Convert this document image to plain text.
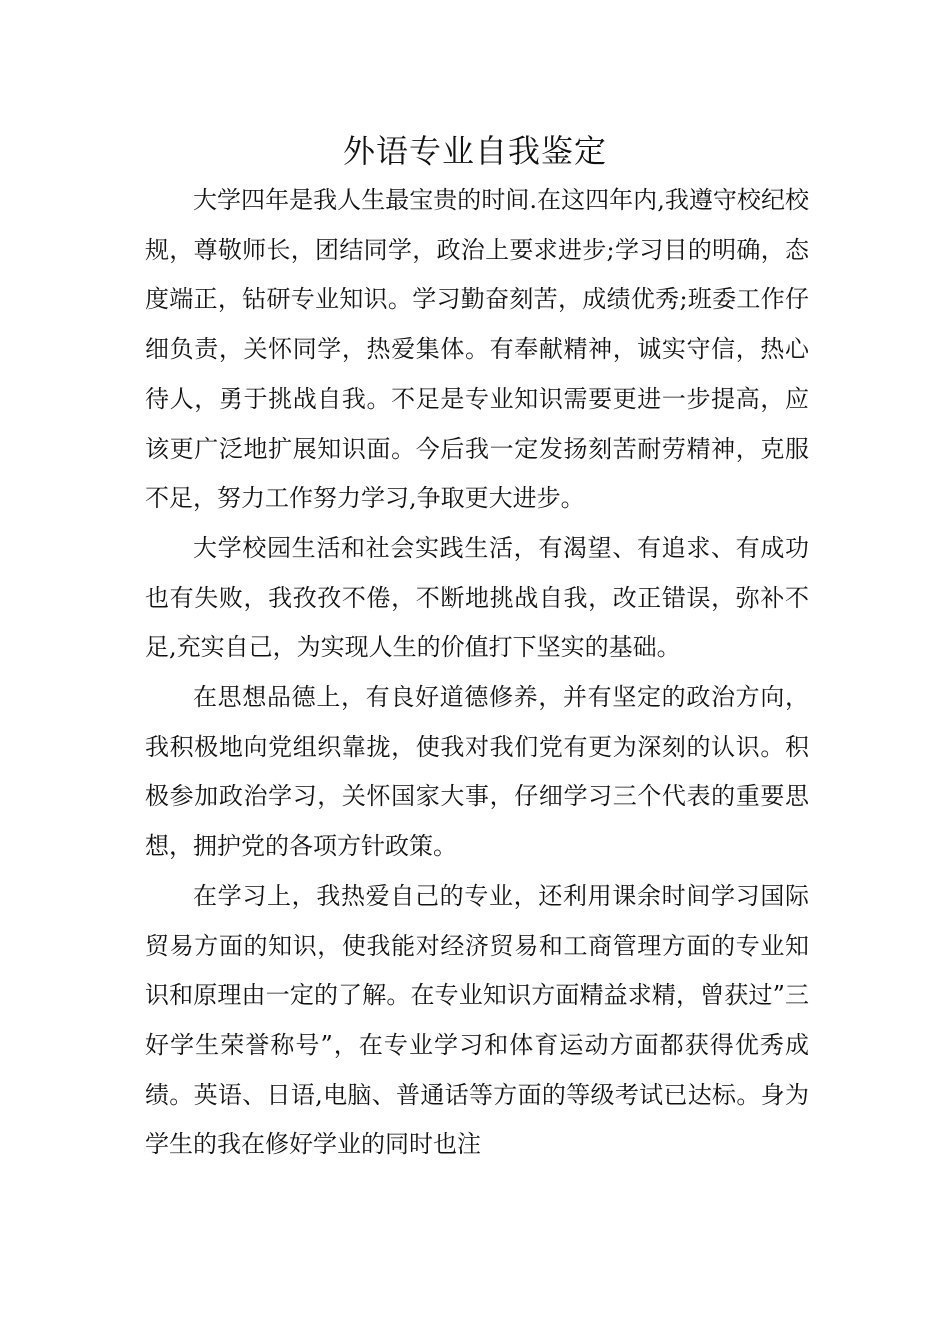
外语专业自我鉴定

大学四年是我人生最宝贵的时间.在这四年内,我遵守校纪校规，尊敬师长，团结同学，政治上要求进步;学习目的明确，态度端正，钻研专业知识。学习勤奋刻苦，成绩优秀;班委工作仔细负责，关怀同学，热爱集体。有奉献精神，诚实守信，热心待人，勇于挑战自我。不足是专业知识需要更进一步提高，应该更广泛地扩展知识面。今后我一定发扬刻苦耐劳精神，克服不足，努力工作努力学习,争取更大进步。

大学校园生活和社会实践生活，有渴望、有追求、有成功也有失败，我孜孜不倦，不断地挑战自我，改正错误，弥补不足,充实自己，为实现人生的价值打下坚实的基础。

在思想品德上，有良好道德修养，并有坚定的政治方向，我积极地向党组织靠拢，使我对我们党有更为深刻的认识。积极参加政治学习，关怀国家大事，仔细学习三个代表的重要思想，拥护党的各项方针政策。

在学习上，我热爱自己的专业，还利用课余时间学习国际贸易方面的知识，使我能对经济贸易和工商管理方面的专业知识和原理由一定的了解。在专业知识方面精益求精，曾获过”三好学生荣誉称号”，在专业学习和体育运动方面都获得优秀成绩。英语、日语,电脑、普通话等方面的等级考试已达标。身为学生的我在修好学业的同时也注
